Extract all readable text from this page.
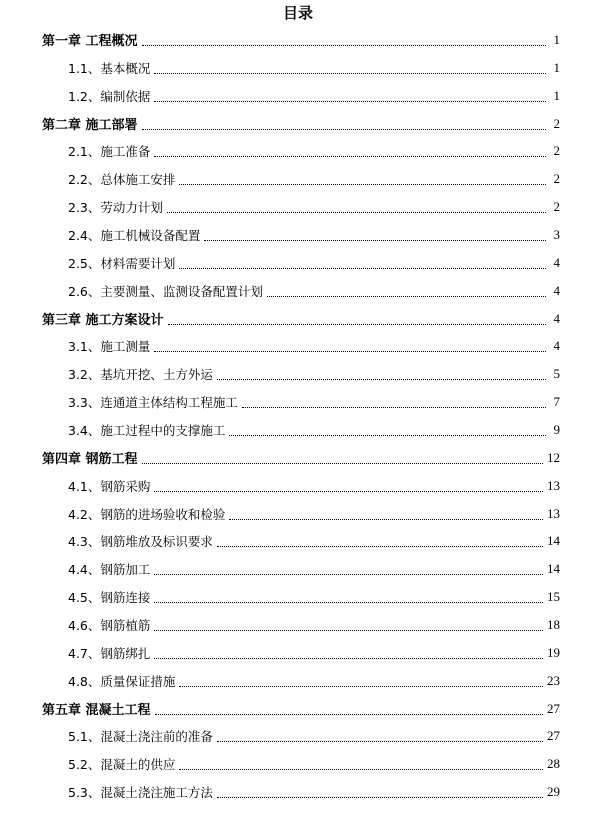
目录
第一章 工程概况	1
1.1、基本概况	1
1.2、编制依据	1
第二章 施工部署	2
2.1、施工准备	2
2.2、总体施工安排	2
2.3、劳动力计划	2
2.4、施工机械设备配置	3
2.5、材料需要计划	4
2.6、主要测量、监测设备配置计划	4
第三章 施工方案设计	4
3.1、施工测量	4
3.2、基坑开挖、土方外运	5
3.3、连通道主体结构工程施工	7
3.4、施工过程中的支撑施工	9
第四章 钢筋工程	12
4.1、钢筋采购	13
4.2、钢筋的进场验收和检验	13
4.3、钢筋堆放及标识要求	14
4.4、钢筋加工	14
4.5、钢筋连接	15
4.6、钢筋植筋	18
4.7、钢筋绑扎	19
4.8、质量保证措施	23
第五章 混凝土工程	27
5.1、混凝土浇注前的准备	27
5.2、混凝土的供应	28
5.3、混凝土浇注施工方法	29
